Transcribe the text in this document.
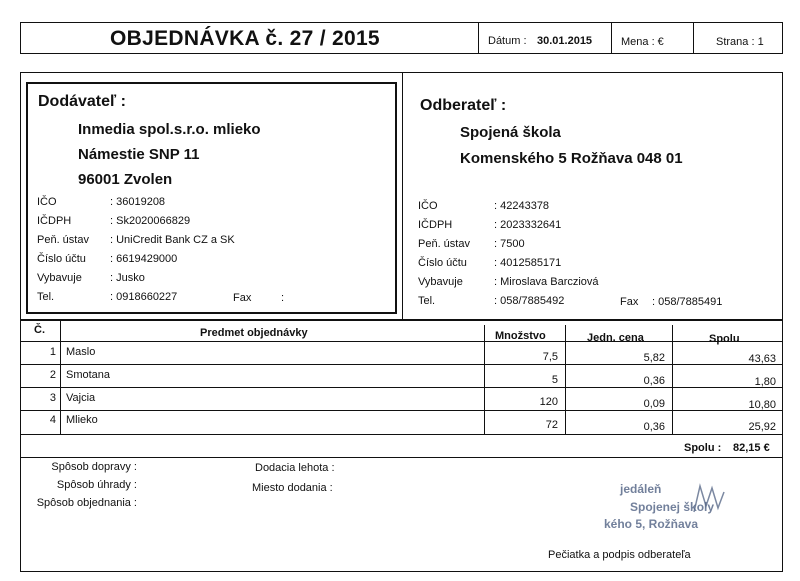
OBJEDNÁVKA č. 27 / 2015	Dátum : 30.01.2015	Mena : €	Strana : 1
Dodávateľ :
Inmedia spol.s.r.o. mlieko
Námestie SNP 11
96001 Zvolen
IČO	: 36019208
IČDPH	: Sk2020066829
Peň. ústav : UniCredit Bank CZ a SK
Číslo účtu : 6619429000
Vybavuje	: Jusko
Tel.	: 0918660227	Fax	:
Odberateľ :
Spojená škola
Komenského 5 Rožňava 048 01
IČO	: 42243378
IČDPH	: 2023332641
Peň. ústav : 7500
Číslo účtu : 4012585171
Vybavuje	: Miroslava Barcziová
Tel.	: 058/7885492	Fax : 058/7885491
Č.	Predmet objednávky	Množstvo	Jedn. cena	Spolu
1 Maslo	7,5	5,82	43,63
2 Smotana	5	0,36	1,80
3 Vajcia	120	0,09	10,80
4 Mlieko	72	0,36	25,92
Spolu : 82,15 €
Spôsob dopravy :
Spôsob úhrady :
Spôsob objednania :
Dodacia lehota :
Miesto dodania :	jedáleň
Spojenej školy
kého 5, Rožňava
Pečiatka a podpis odberateľa
